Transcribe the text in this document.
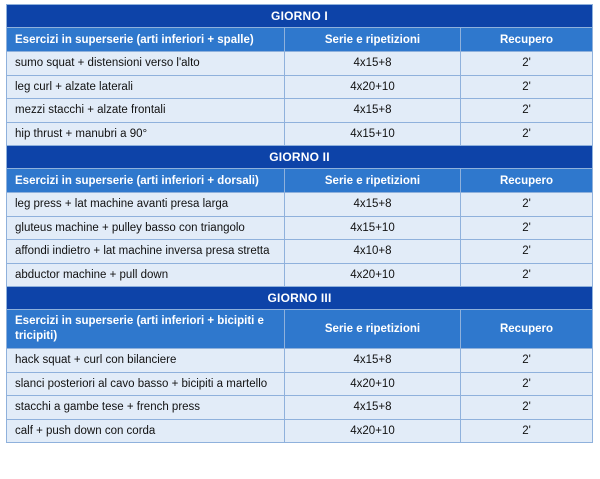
GIORNO I		
Esercizi in superserie (arti inferiori + spalle)	Serie e ripetizioni	Recupero
sumo squat + distensioni verso l'alto	4x15+8	2'
leg curl + alzate laterali	4x20+10	2'
mezzi stacchi + alzate frontali	4x15+8	2'
hip thrust + manubri a 90°	4x15+10	2'
GIORNO II		
Esercizi in superserie (arti inferiori + dorsali)	Serie e ripetizioni	Recupero
leg press + lat machine avanti presa larga	4x15+8	2'
gluteus machine + pulley basso con triangolo	4x15+10	2'
affondi indietro + lat machine inversa presa stretta	4x10+8	2'
abductor machine + pull down	4x20+10	2'
GIORNO III		
Esercizi in superserie (arti inferiori + bicipiti e tricipiti)	Serie e ripetizioni	Recupero
hack squat + curl con bilanciere	4x15+8	2'
slanci posteriori al cavo basso + bicipiti a martello	4x20+10	2'
stacchi a gambe tese + french press	4x15+8	2'
calf + push down con corda	4x20+10	2'
